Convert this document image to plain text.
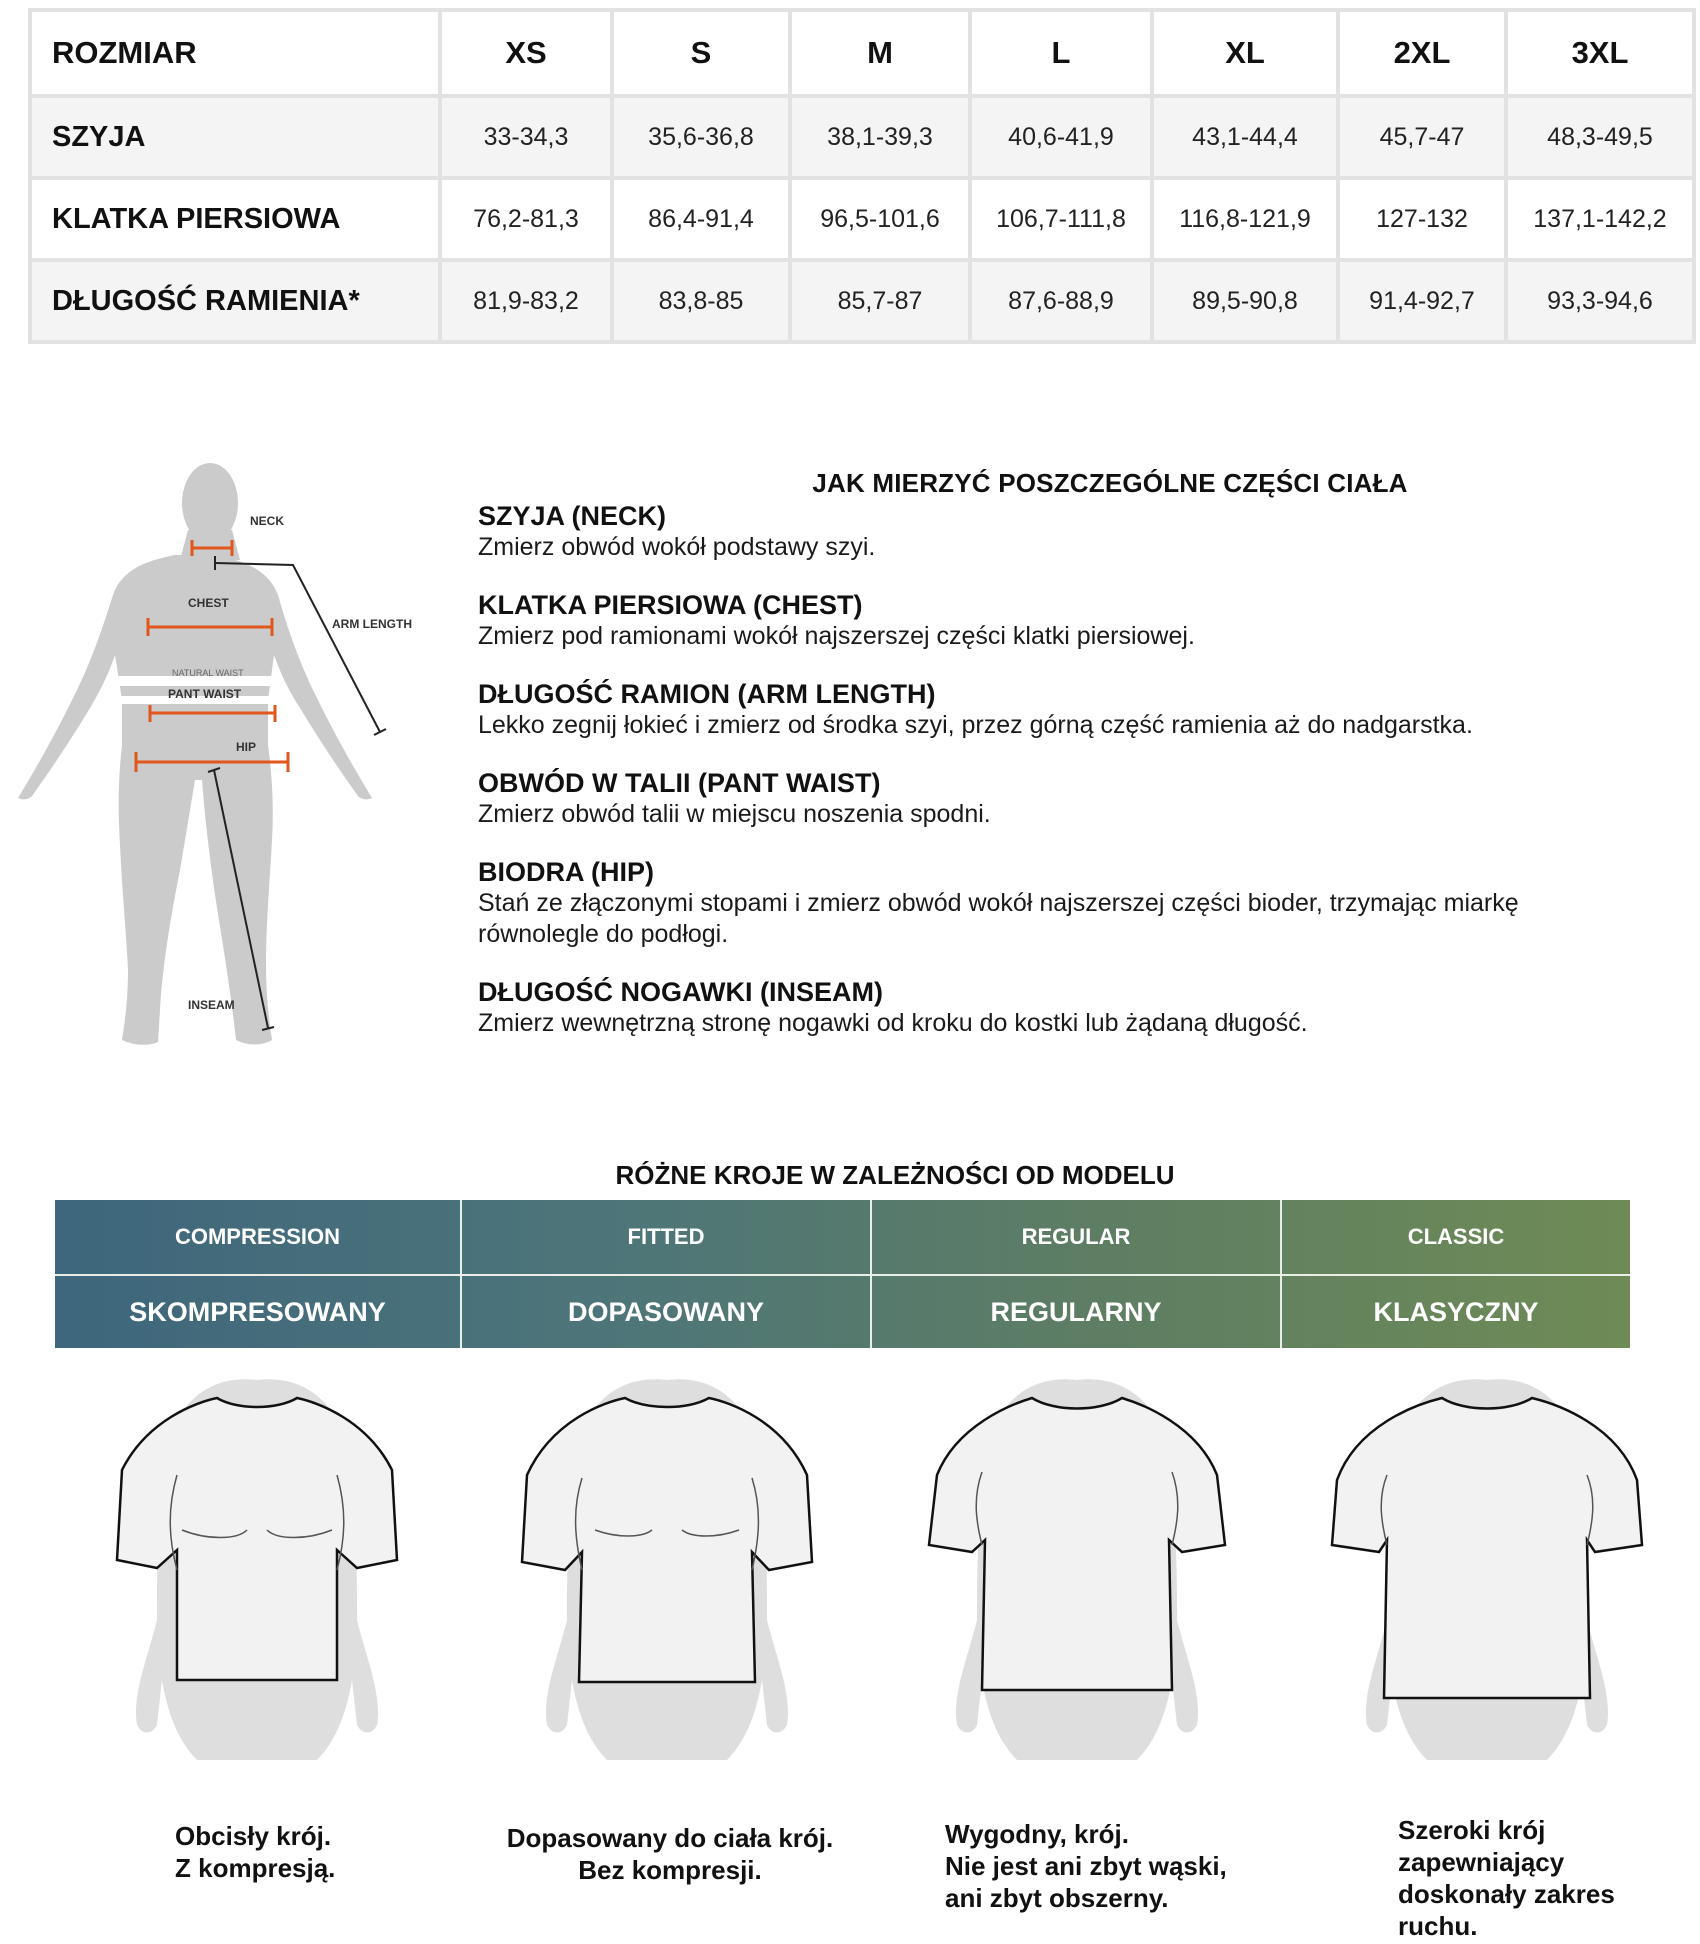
ROZMIAR	XS	S	M	L	XL	2XL	3XL
SZYJA	33-34,3	35,6-36,8	38,1-39,3	40,6-41,9	43,1-44,4	45,7-47	48,3-49,5
KLATKA PIERSIOWA	76,2-81,3	86,4-91,4	96,5-101,6	106,7-111,8	116,8-121,9	127-132	137,1-142,2
DŁUGOŚĆ RAMIENIA*	81,9-83,2	83,8-85	85,7-87	87,6-88,9	89,5-90,8	91,4-92,7	93,3-94,6
NECK
CHEST
ARM LENGTH
NATURAL WAIST
PANT WAIST
HIP
INSEAM
JAK MIERZYĆ POSZCZEGÓLNE CZĘŚCI CIAŁA
SZYJA (NECK)
Zmierz obwód wokół podstawy szyi.
KLATKA PIERSIOWA (CHEST)
Zmierz pod ramionami wokół najszerszej części klatki piersiowej.
DŁUGOŚĆ RAMION (ARM LENGTH)
Lekko zegnij łokieć i zmierz od środka szyi, przez górną część ramienia aż do nadgarstka.
OBWÓD W TALII (PANT WAIST)
Zmierz obwód talii w miejscu noszenia spodni.
BIODRA (HIP)
Stań ze złączonymi stopami i zmierz obwód wokół najszerszej części bioder, trzymając miarkę równolegle do podłogi.
DŁUGOŚĆ NOGAWKI (INSEAM)
Zmierz wewnętrzną stronę nogawki od kroku do kostki lub żądaną długość.
RÓŻNE KROJE W ZALEŻNOŚCI OD MODELU
COMPRESSION
SKOMPRESOWANY
FITTED
DOPASOWANY
REGULAR
REGULARNY
CLASSIC
KLASYCZNY
Obcisły krój.
Z kompresją.
Dopasowany do ciała krój.
Bez kompresji.
Wygodny, krój.
Nie jest ani zbyt wąski,
ani zbyt obszerny.
Szeroki krój
zapewniający
doskonały zakres
ruchu.
